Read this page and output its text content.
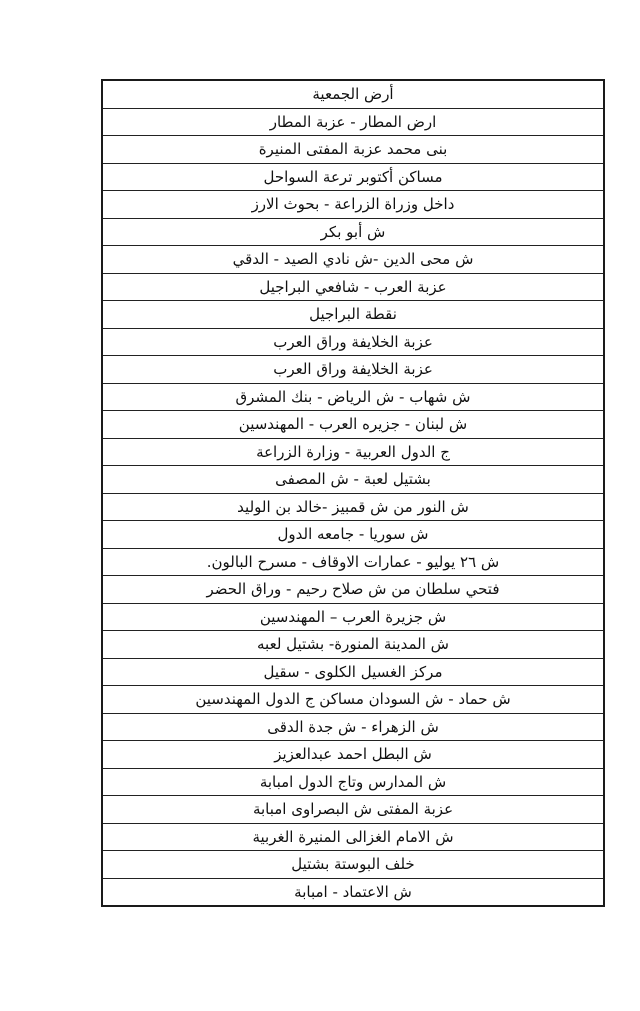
أرض الجمعية
ارض المطار - عزبة المطار
بنى محمد عزبة المفتى المنيرة
مساكن أكتوبر ترعة السواحل
داخل وزراة الزراعة - بحوث الارز
ش أبو بكر
ش محى الدين -ش نادي الصيد - الدقي
عزبة العرب - شافعي البراجيل
نقطة البراجيل
عزبة الخلايفة وراق العرب
عزبة الخلايفة وراق العرب
ش شهاب - ش الرياض - بنك المشرق
ش لبنان - جزيره العرب - المهندسين
ج الدول العربية - وزارة الزراعة
بشتيل لعبة - ش المصفى
ش النور من ش قمبيز -خالد بن الوليد
ش سوريا - جامعه الدول
ش ٢٦ يوليو - عمارات الاوقاف - مسرح البالون.
فتحي سلطان من ش صلاح رحيم - وراق الحضر
ش جزيرة العرب – المهندسين
ش المدينة المنورة- بشتيل لعبه
مركز الغسيل الكلوى - سقيل
ش حماد - ش السودان مساكن ج الدول المهندسين
ش الزهراء - ش جدة الدقى
ش البطل احمد عبدالعزيز
ش المدارس وتاج الدول امبابة
عزبة المفتى ش البصراوى امبابة
ش الامام الغزالى المنيرة الغربية
خلف البوستة بشتيل
ش الاعتماد - امبابة
